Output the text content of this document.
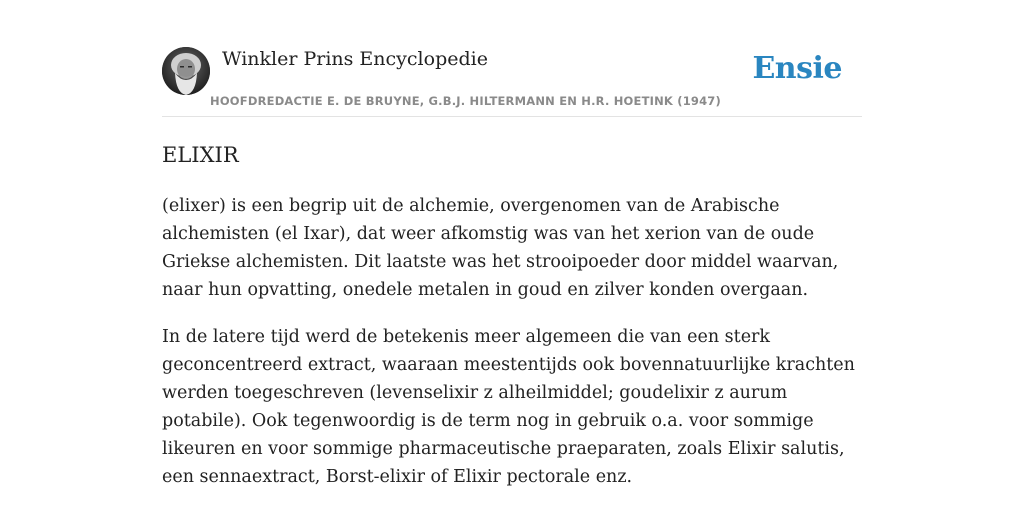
Winkler Prins Encyclopedie
HOOFDREDACTIE E. DE BRUYNE, G.B.J. HILTERMANN EN H.R. HOETINK (1947)
Ensie
ELIXIR

(elixer) is een begrip uit de alchemie, overgenomen van de Arabische alchemisten (el Ixar), dat weer afkomstig was van het xerion van de oude Griekse alchemisten. Dit laatste was het strooipoeder door middel waarvan, naar hun opvatting, onedele metalen in goud en zilver konden overgaan.

In de latere tijd werd de betekenis meer algemeen die van een sterk geconcentreerd extract, waaraan meestentijds ook bovennatuurlijke krachten werden toegeschreven (levenselixir z alheilmiddel; goudelixir z aurum potabile). Ook tegenwoordig is de term nog in gebruik o.a. voor sommige likeuren en voor sommige pharmaceutische praeparaten, zoals Elixir salutis, een sennaextract, Borst-elixir of Elixir pectorale enz.
